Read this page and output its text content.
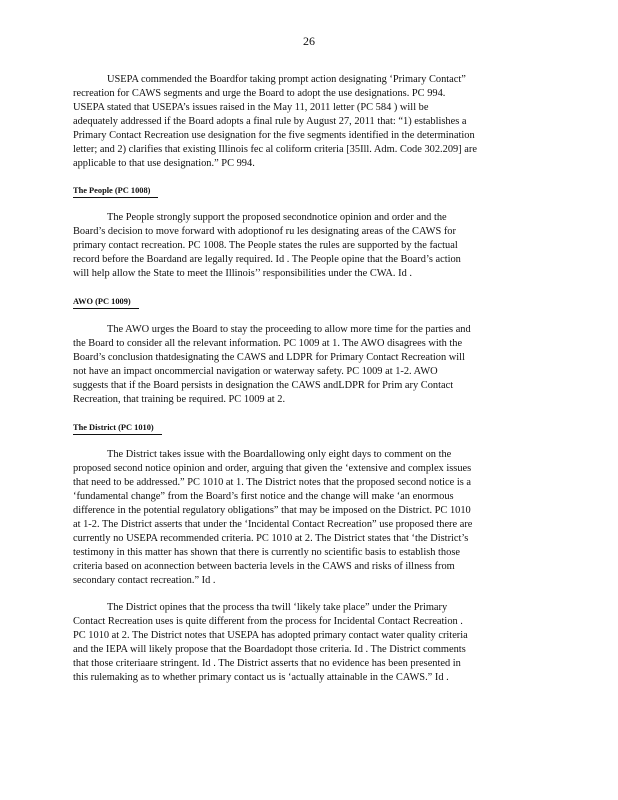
26
USEPA commended the Boardfor taking prompt action designating ‘Primary Contact”
recreation for CAWS segments and urge the Board to adopt the use designations. PC 994.
USEPA stated that USEPA’s issues raised in the May 11, 2011 letter (PC 584 ) will be
adequately addressed if the Board adopts a final rule by August 27, 2011 that: “1) establishes a
Primary Contact Recreation use designation for the five segments identified in the determination
letter; and 2) clarifies that existing Illinois fec al coliform criteria [35Ill. Adm. Code 302.209] are
applicable to that use designation.” PC 994.
The People (PC 1008)
The People strongly support the proposed secondnotice opinion and order and the
Board’s decision to move forward with adoptionof ru les designating areas of the CAWS for
primary contact recreation. PC 1008. The People states the rules are supported by the factual
record before the Boardand are legally required. Id . The People opine that the Board’s action
will help allow the State to meet the Illinois’’ responsibilities under the CWA. Id .
AWO (PC 1009)
The AWO urges the Board to stay the proceeding to allow more time for the parties and
the Board to consider all the relevant information. PC 1009 at 1. The AWO disagrees with the
Board’s conclusion thatdesignating the CAWS and LDPR for Primary Contact Recreation will
not have an impact oncommercial navigation or waterway safety. PC 1009 at 1-2. AWO
suggests that if the Board persists in designation the CAWS andLDPR for Prim ary Contact
Recreation, that training be required. PC 1009 at 2.
The District (PC 1010)
The District takes issue with the Boardallowing only eight days to comment on the
proposed second notice opinion and order, arguing that given the ‘extensive and complex issues
that need to be addressed.” PC 1010 at 1. The District notes that the proposed second notice is a
‘fundamental change” from the Board’s first notice and the change will make ‘an enormous
difference in the potential regulatory obligations” that may be imposed on the District. PC 1010
at 1-2. The District asserts that under the ‘Incidental Contact Recreation” use proposed there are
currently no USEPA recommended criteria. PC 1010 at 2. The District states that ‘the District’s
testimony in this matter has shown that there is currently no scientific basis to establish those
criteria based on aconnection between bacteria levels in the CAWS and risks of illness from
secondary contact recreation.” Id .
The District opines that the process tha twill ‘likely take place” under the Primary
Contact Recreation uses is quite different from the process for Incidental Contact Recreation .
PC 1010 at 2. The District notes that USEPA has adopted primary contact water quality criteria
and the IEPA will likely propose that the Boardadopt those criteria. Id . The District comments
that those criteriaare stringent. Id . The District asserts that no evidence has been presented in
this rulemaking as to whether primary contact us is ‘actually attainable in the CAWS.” Id .
